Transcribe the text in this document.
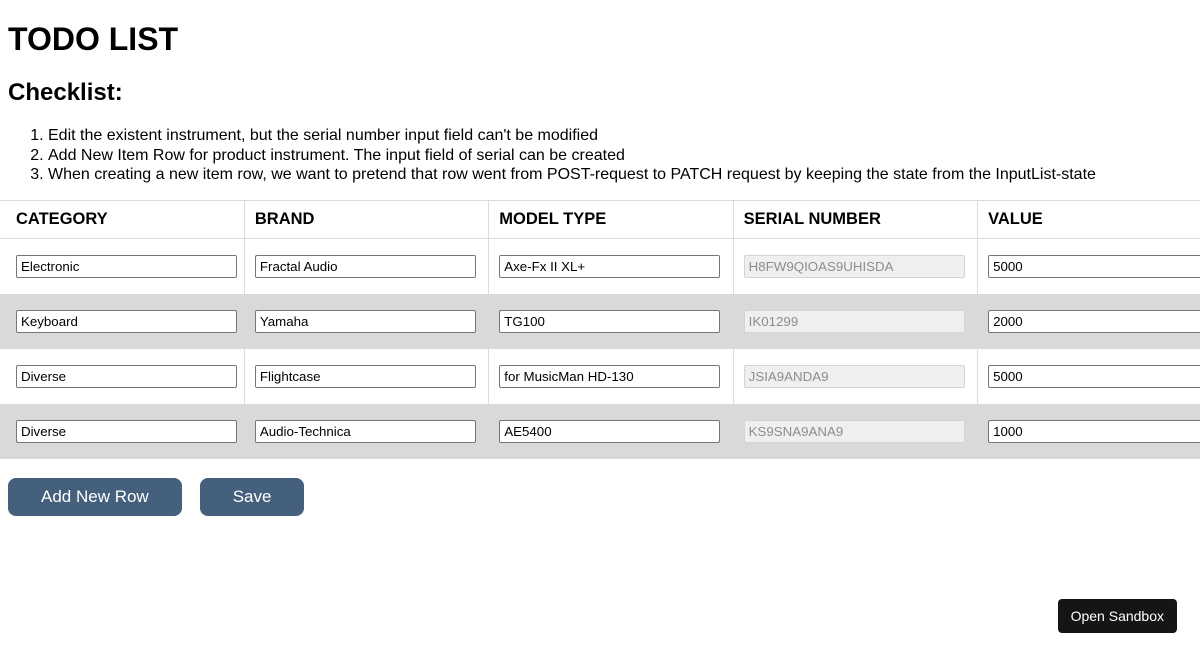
TODO LIST
Checklist:
1. Edit the existent instrument, but the serial number input field can't be modified
2. Add New Item Row for product instrument. The input field of serial can be created
3. When creating a new item row, we want to pretend that row went from POST-request to PATCH request by keeping the state from the InputList-state
CATEGORY	BRAND	MODEL TYPE	SERIAL NUMBER	VALUE

Electronic	
Fractal Audio	
Axe-Fx II XL+	
H8FW9QIOAS9UHISDA	
5000

Keyboard	
Yamaha	
TG100	
IK01299	
2000

Diverse	
Flightcase	
for MusicMan HD-130	
JSIA9ANDA9	
5000

Diverse	
Audio-Technica	
AE5400	
KS9SNA9ANA9	
1000
Add New Row	Save
Open Sandbox
